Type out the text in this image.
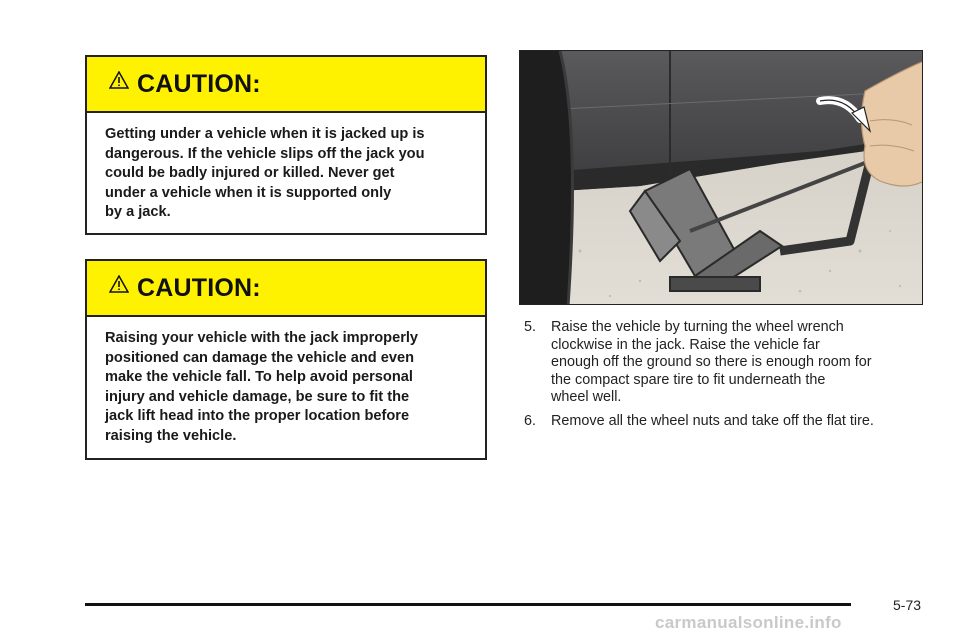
CAUTION:
Getting under a vehicle when it is jacked up is
dangerous. If the vehicle slips off the jack you
could be badly injured or killed. Never get
under a vehicle when it is supported only
by a jack.
CAUTION:
Raising your vehicle with the jack improperly
positioned can damage the vehicle and even
make the vehicle fall. To help avoid personal
injury and vehicle damage, be sure to fit the
jack lift head into the proper location before
raising the vehicle.
5.	Raise the vehicle by turning the wheel wrench
clockwise in the jack. Raise the vehicle far
enough off the ground so there is enough room for
the compact spare tire to fit underneath the
wheel well.
6.	Remove all the wheel nuts and take off the flat tire.
5-73
carmanualsonline.info
